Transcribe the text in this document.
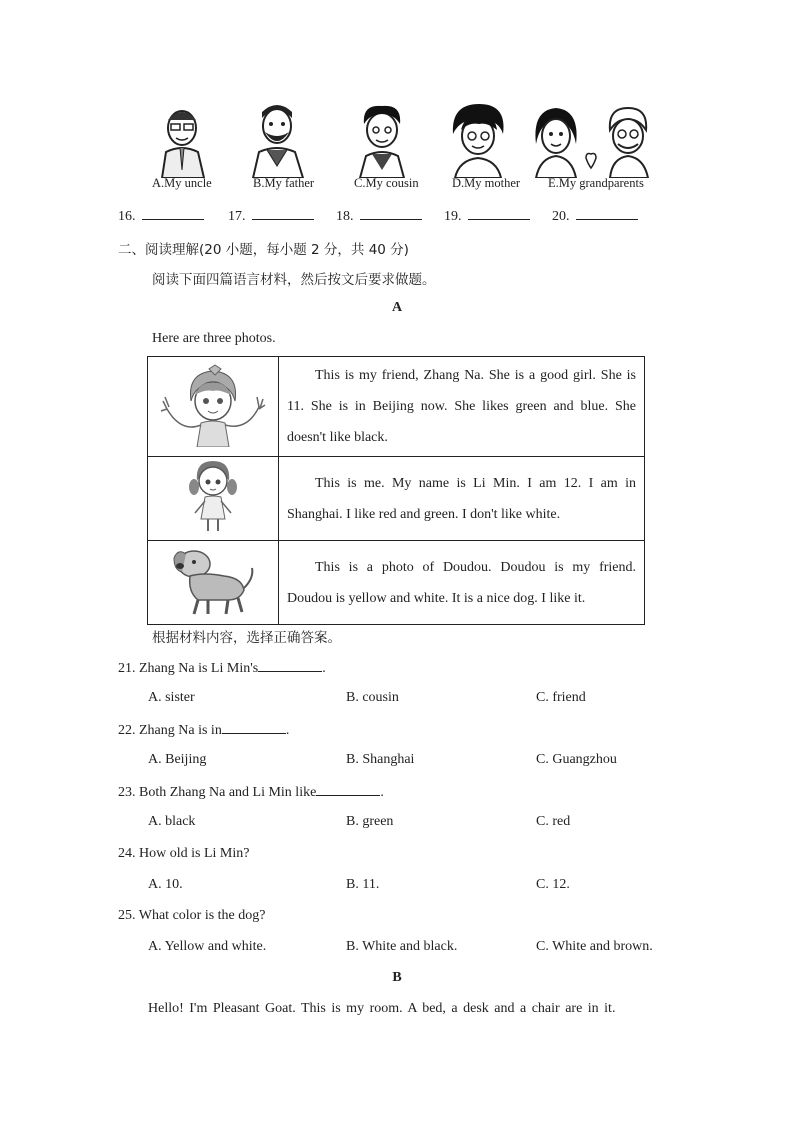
A.My uncle	B.My father	C.My cousin	D.My mother E.My grandparents
16.	17.	18.	19.	20.
二、阅读理解(20 小题，每小题 2 分，共 40 分)
阅读下面四篇语言材料，然后按文后要求做题。
A
Here are three photos.
	This is my friend, Zhang Na. She is a good girl. She is 11. She is in Beijing now. She likes green and blue. She doesn't like black.
	This is me. My name is Li Min. I am 12. I am in Shanghai. I like red and green. I don't like white.
	This is a photo of Doudou. Doudou is my friend. Doudou is yellow and white. It is a nice dog. I like it.
根据材料内容，选择正确答案。
21. Zhang Na is Li Min's	.
A. sister	B. cousin	C. friend
22. Zhang Na is in	.
A. Beijing	B. Shanghai	C. Guangzhou
23. Both Zhang Na and Li Min like	.
A. black	B. green	C. red
24. How old is Li Min?
A. 10.	B. 11.	C. 12.
25. What color is the dog?
A. Yellow and white.	B. White and black.	C. White and brown.
B
Hello! I'm Pleasant Goat. This is my room. A bed, a desk and a chair are in it.
